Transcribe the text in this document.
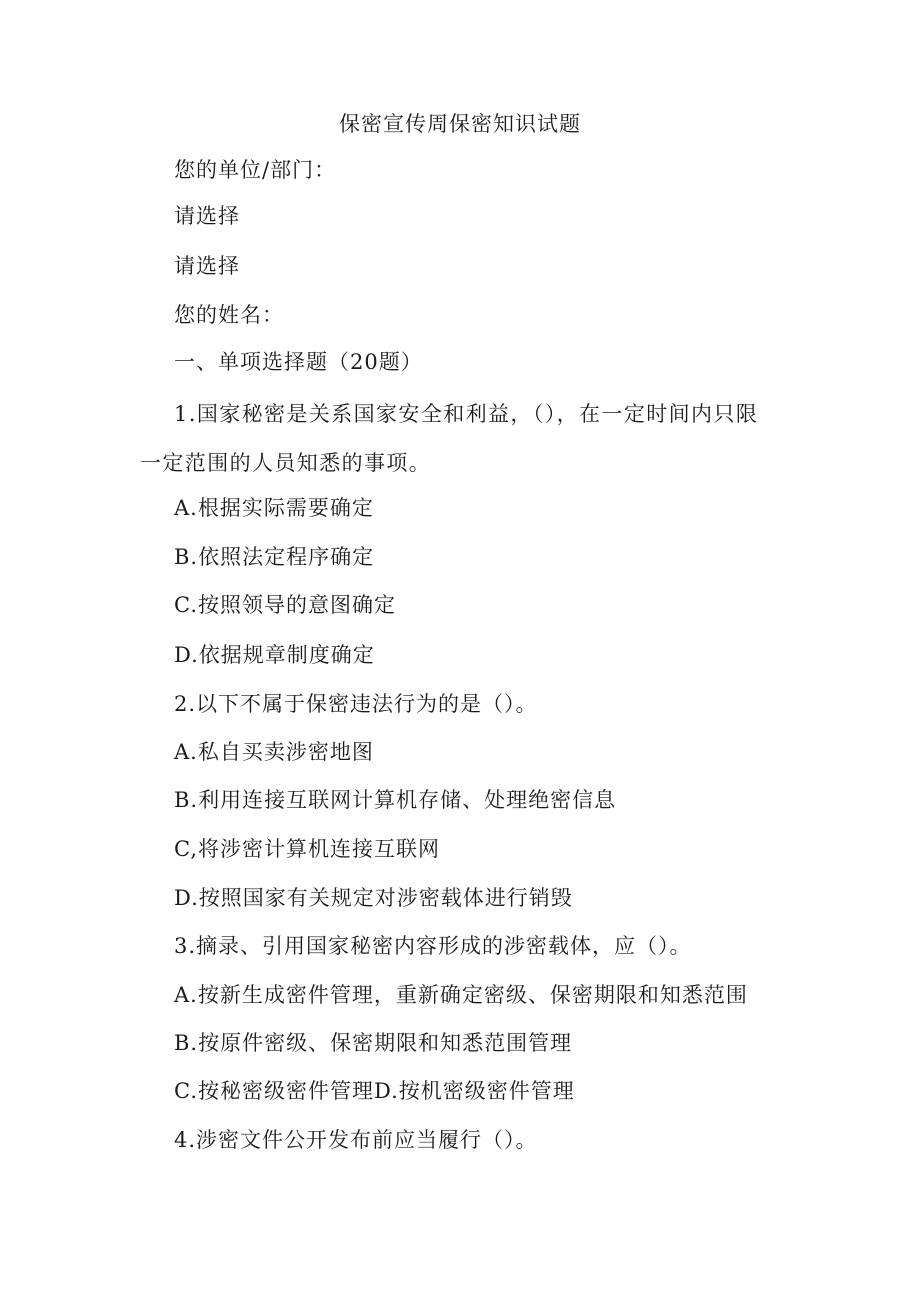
保密宣传周保密知识试题
您的单位/部门：
请选择
请选择
您的姓名：
一、单项选择题（20题）
1.国家秘密是关系国家安全和利益，（），在一定时间内只限一定范围的人员知悉的事项。
A.根据实际需要确定
B.依照法定程序确定
C.按照领导的意图确定
D.依据规章制度确定
2.以下不属于保密违法行为的是（）。
A.私自买卖涉密地图
B.利用连接互联网计算机存储、处理绝密信息
C,将涉密计算机连接互联网
D.按照国家有关规定对涉密载体进行销毁
3.摘录、引用国家秘密内容形成的涉密载体，应（）。
A.按新生成密件管理，重新确定密级、保密期限和知悉范围
B.按原件密级、保密期限和知悉范围管理
C.按秘密级密件管理D.按机密级密件管理
4.涉密文件公开发布前应当履行（）。
